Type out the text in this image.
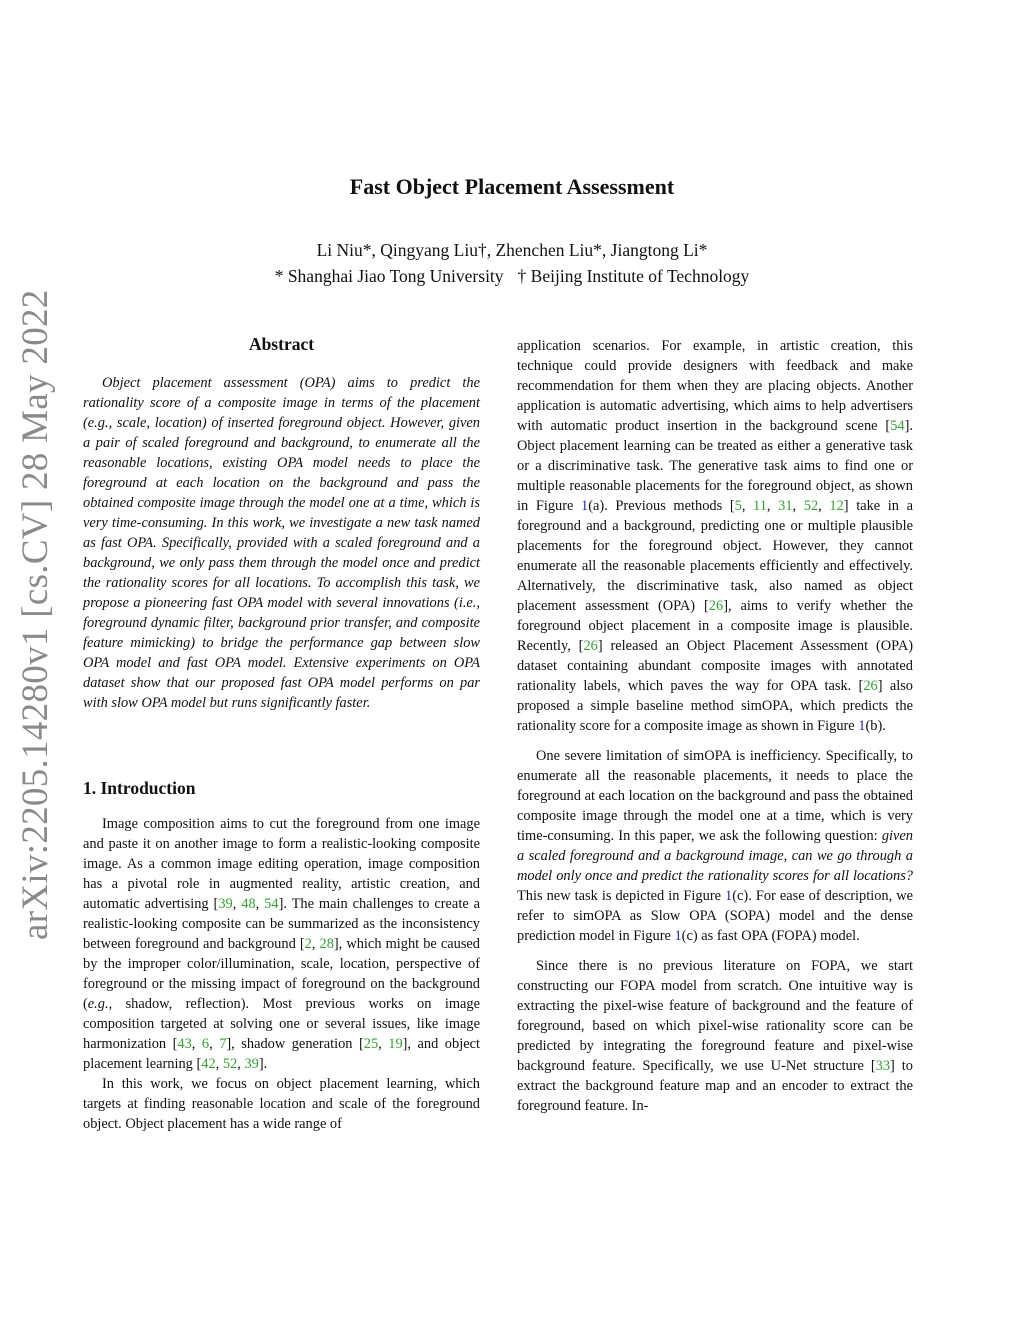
Fast Object Placement Assessment
Li Niu*, Qingyang Liu†, Zhenchen Liu*, Jiangtong Li*
* Shanghai Jiao Tong University † Beijing Institute of Technology
arXiv:2205.14280v1 [cs.CV] 28 May 2022	Abstract

Object placement assessment (OPA) aims to predict the rationality score of a composite image in terms of the placement (e.g., scale, location) of inserted foreground object. However, given a pair of scaled foreground and background, to enumerate all the reasonable locations, existing OPA model needs to place the foreground at each location on the background and pass the obtained composite image through the model one at a time, which is very time-consuming. In this work, we investigate a new task named as fast OPA. Specifically, provided with a scaled foreground and a background, we only pass them through the model once and predict the rationality scores for all locations. To accomplish this task, we propose a pioneering fast OPA model with several innovations (i.e., foreground dynamic filter, background prior transfer, and composite feature mimicking) to bridge the performance gap between slow OPA model and fast OPA model. Extensive experiments on OPA dataset show that our proposed fast OPA model performs on par with slow OPA model but runs significantly faster.

1. Introduction

Image composition aims to cut the foreground from one image and paste it on another image to form a realistic-looking composite image. As a common image editing operation, image composition has a pivotal role in augmented reality, artistic creation, and automatic advertising [39, 48, 54]. The main challenges to create a realistic-looking composite can be summarized as the inconsistency between foreground and background [2, 28], which might be caused by the improper color/illumination, scale, location, perspective of foreground or the missing impact of foreground on the background (e.g., shadow, reflection). Most previous works on image composition targeted at solving one or several issues, like image harmonization [43, 6, 7], shadow generation [25, 19], and object placement learning [42, 52, 39].

In this work, we focus on object placement learning, which targets at finding reasonable location and scale of the foreground object. Object placement has a wide range of

application scenarios. For example, in artistic creation, this technique could provide designers with feedback and make recommendation for them when they are placing objects. Another application is automatic advertising, which aims to help advertisers with automatic product insertion in the background scene [54]. Object placement learning can be treated as either a generative task or a discriminative task. The generative task aims to find one or multiple reasonable placements for the foreground object, as shown in Figure 1(a). Previous methods [5, 11, 31, 52, 12] take in a foreground and a background, predicting one or multiple plausible placements for the foreground object. However, they cannot enumerate all the reasonable placements efficiently and effectively. Alternatively, the discriminative task, also named as object placement assessment (OPA) [26], aims to verify whether the foreground object placement in a composite image is plausible. Recently, [26] released an Object Placement Assessment (OPA) dataset containing abundant composite images with annotated rationality labels, which paves the way for OPA task. [26] also proposed a simple baseline method simOPA, which predicts the rationality score for a composite image as shown in Figure 1(b).

One severe limitation of simOPA is inefficiency. Specifically, to enumerate all the reasonable placements, it needs to place the foreground at each location on the background and pass the obtained composite image through the model one at a time, which is very time-consuming. In this paper, we ask the following question: given a scaled foreground and a background image, can we go through a model only once and predict the rationality scores for all locations? This new task is depicted in Figure 1(c). For ease of description, we refer to simOPA as Slow OPA (SOPA) model and the dense prediction model in Figure 1(c) as fast OPA (FOPA) model.

Since there is no previous literature on FOPA, we start constructing our FOPA model from scratch. One intuitive way is extracting the pixel-wise feature of background and the feature of foreground, based on which pixel-wise rationality score can be predicted by integrating the foreground feature and pixel-wise background feature. Specifically, we use U-Net structure [33] to extract the background feature map and an encoder to extract the foreground feature. In-
